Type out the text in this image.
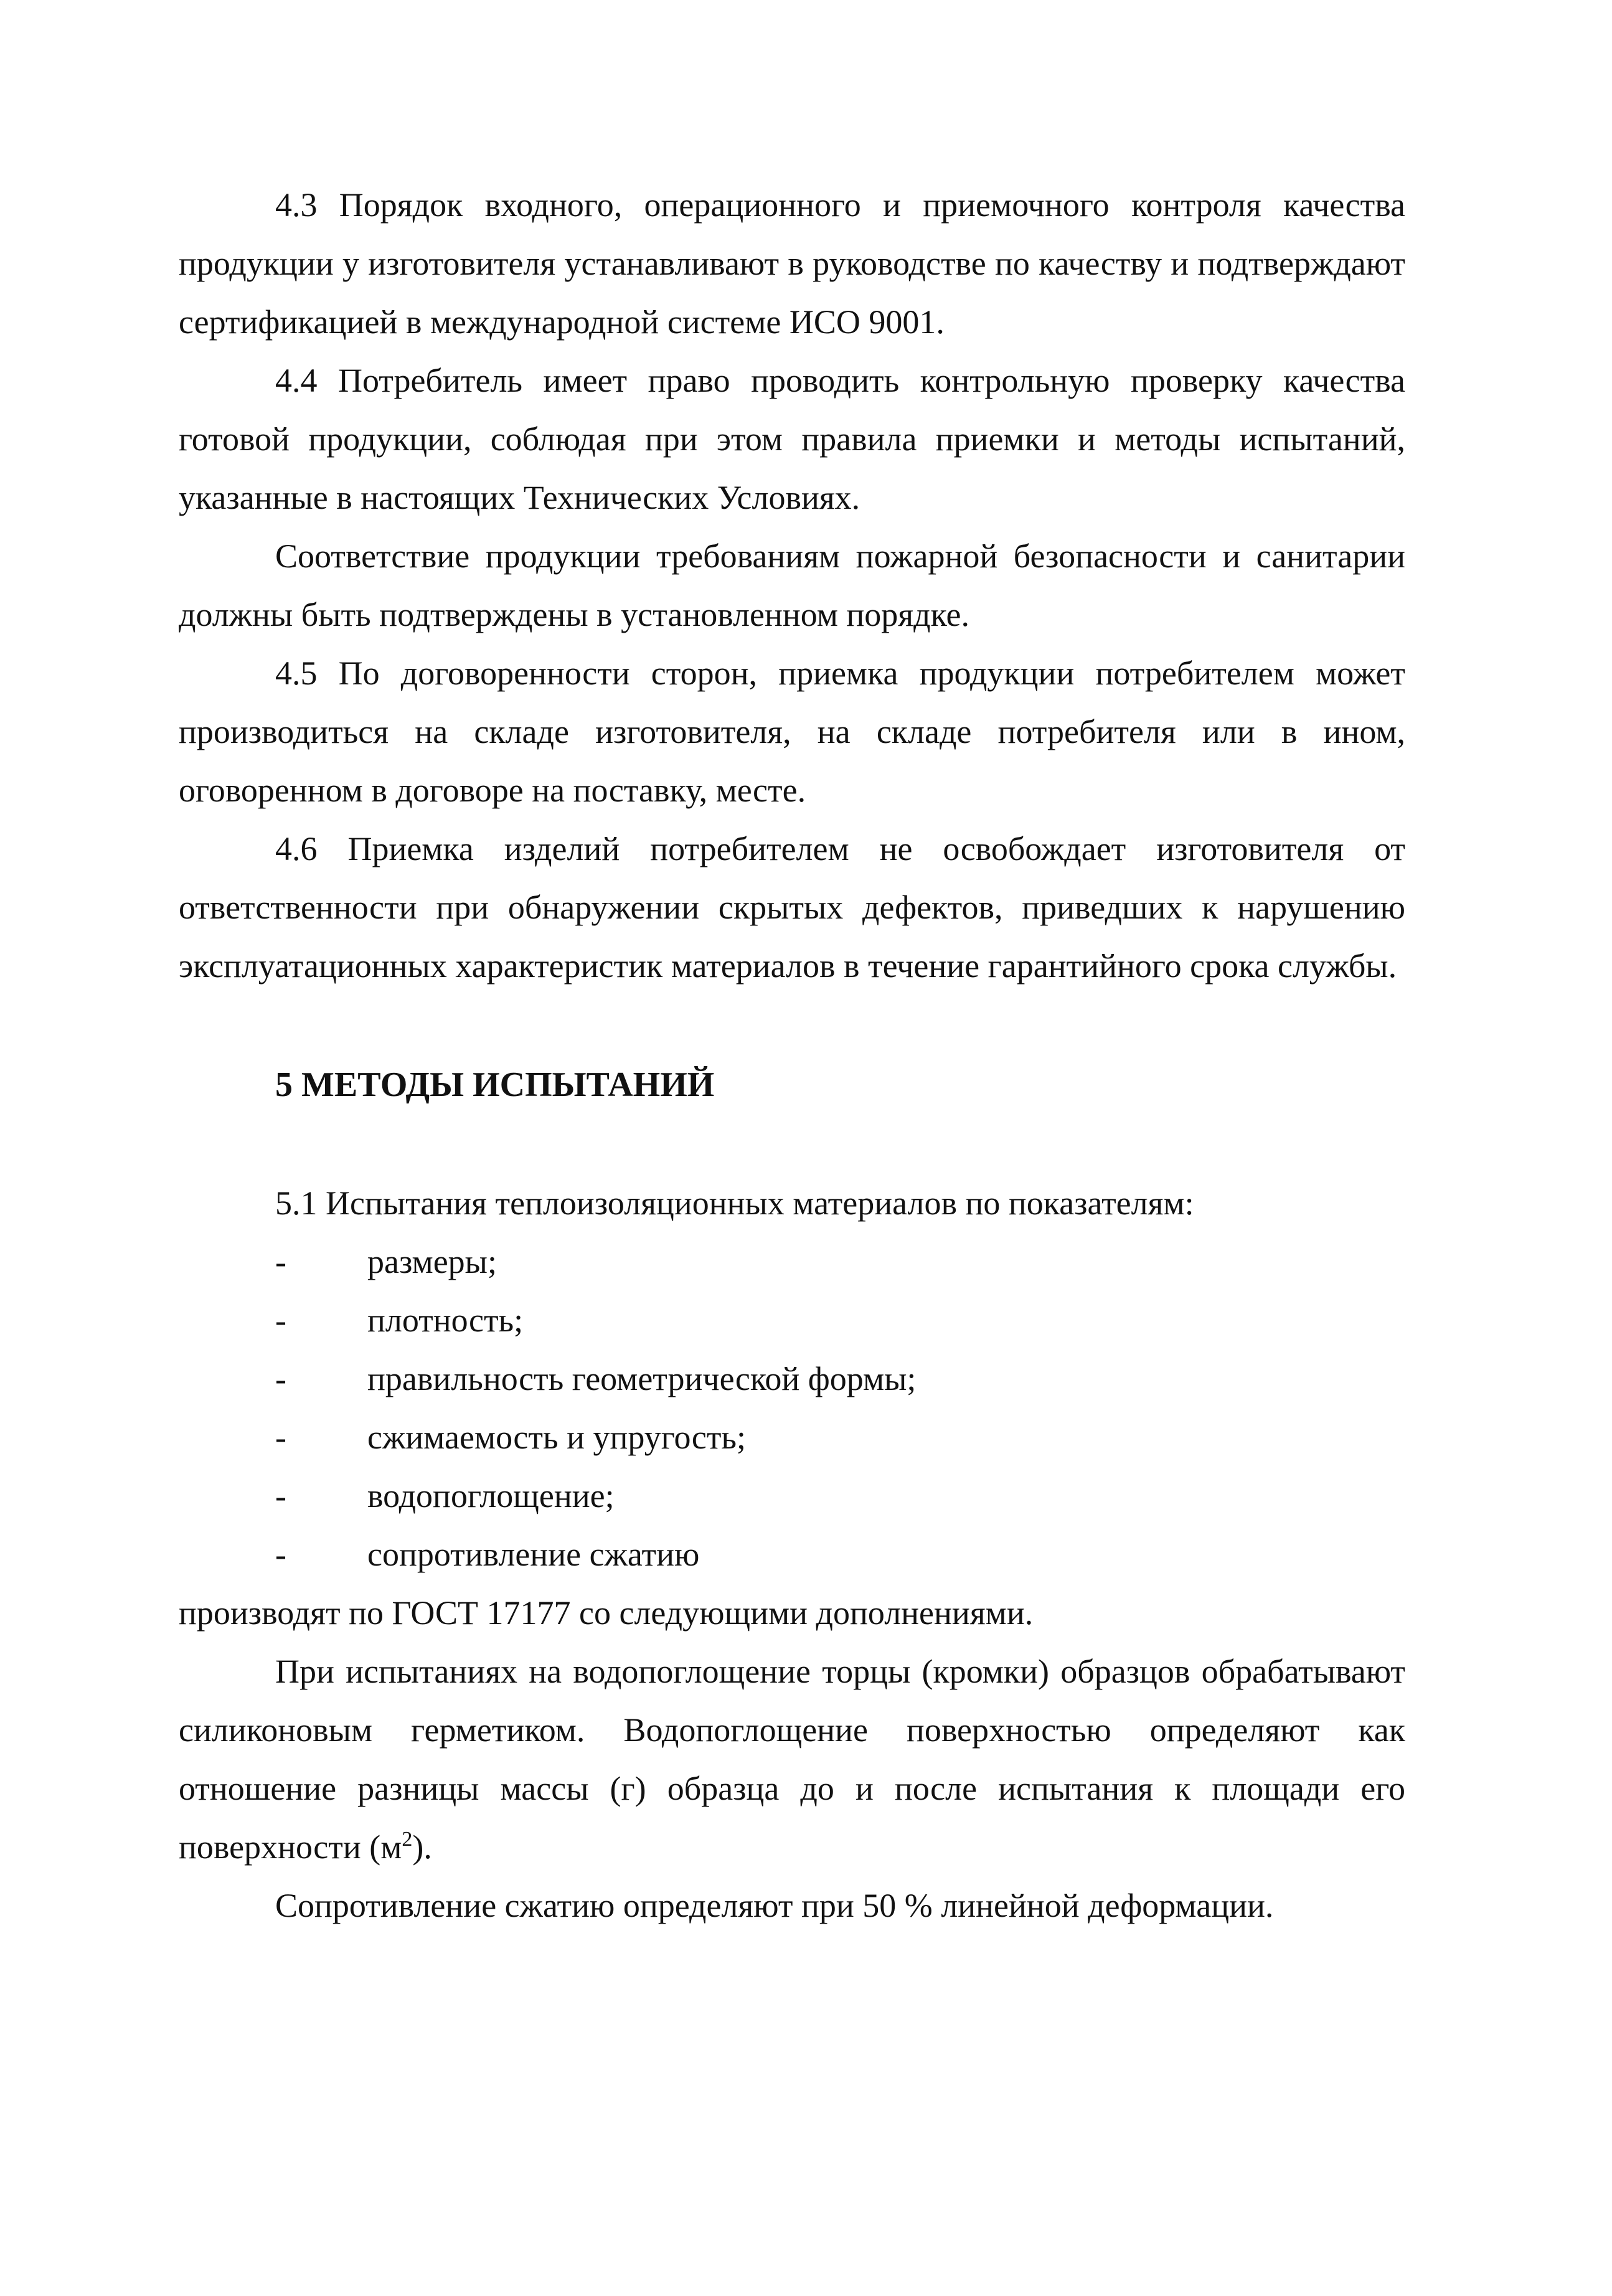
4.3 Порядок входного, операционного и приемочного контроля качества продукции у изготовителя устанавливают в руководстве по качеству и подтверждают сертификацией в международной системе ИСО 9001.

4.4 Потребитель имеет право проводить контрольную проверку качества готовой продукции, соблюдая при этом правила приемки и методы испытаний, указанные в настоящих Технических Условиях.

Соответствие продукции требованиям пожарной безопасности и санитарии должны быть подтверждены в установленном порядке.

4.5 По договоренности сторон, приемка продукции потребителем может производиться на складе изготовителя, на складе потребителя или в ином, оговоренном в договоре на поставку, месте.

4.6 Приемка изделий потребителем не освобождает изготовителя от ответственности при обнаружении скрытых дефектов, приведших к нарушению эксплуатационных характеристик материалов в течение гарантийного срока службы.

5 МЕТОДЫ ИСПЫТАНИЙ

5.1 Испытания теплоизоляционных материалов по показателям:

- размеры;
- плотность;
- правильность геометрической формы;
- сжимаемость и упругость;
- водопоглощение;
- сопротивление сжатию

производят по ГОСТ 17177 со следующими дополнениями.

При испытаниях на водопоглощение торцы (кромки) образцов обрабатывают силиконовым герметиком. Водопоглощение поверхностью определяют как отношение разницы массы (г) образца до и после испытания к площади его поверхности $(м^2)$.

Сопротивление сжатию определяют при 50 % линейной деформации.
